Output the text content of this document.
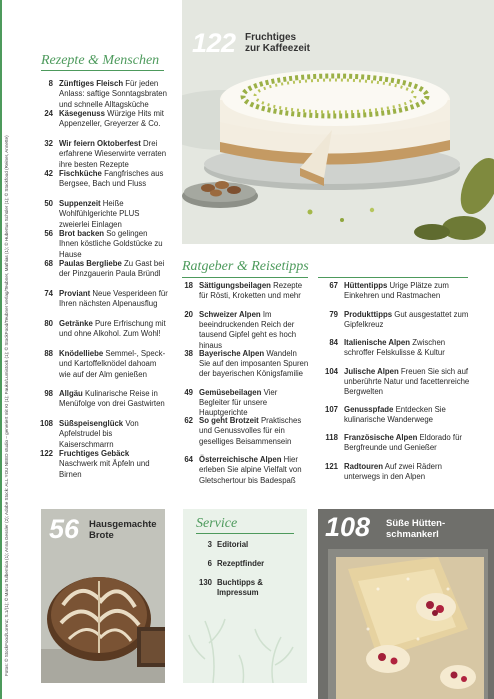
122 Fruchtiges
zur Kaffeezeit
Rezepte & Menschen
8 Zünftiges Fleisch Für jeden Anlass: saftige Sonntagsbraten und schnelle Alltagsküche
24 Käsegenuss Würzige Hits mit Appenzeller, Greyerzer & Co.
32 Wir feiern Oktoberfest Drei erfahrene Wieserwirte verraten ihre besten Rezepte
42 Fischküche Fangfrisches aus Bergsee, Bach und Fluss
50 Suppenzeit Heiße Wohlfühlgerichte PLUS zweierlei Einlagen
56 Brot backen So gelingen Ihnen köstliche Goldstücke zu Hause
68 Paulas Bergliebe Zu Gast bei der Pinzgauerin Paula Bründl
74 Proviant Neue Vesperideen für Ihren nächsten Alpenausflug
80 Getränke Pure Erfrischung mit und ohne Alkohol. Zum Wohl!
88 Knödelliebe Semmel-, Speck- und Kartoffelknödel dahoam wie auf der Alm genießen
98 Allgäu Kulinarische Reise in Menüfolge von drei Gastwirten
108 Süßspeisenglück Von Apfelstrudel bis Kaiserschmarrn
122 Fruchtiges Gebäck Naschwerk mit Äpfeln und Birnen
Ratgeber & Reisetipps
18 Sättigungsbeilagen Rezepte für Rösti, Kroketten und mehr
20 Schweizer Alpen Im beeindruckenden Reich der tausend Gipfel geht es hoch hinaus
38 Bayerische Alpen Wandeln Sie auf den imposanten Spuren der bayerischen Königsfamilie
49 Gemüsebeilagen Vier Begleiter für unsere Hauptgerichte
62 So geht Brotzeit Praktisches und Genussvolles für ein geselliges Beisammensein
64 Österreichische Alpen Hier erleben Sie alpine Vielfalt von Gletschertour bis Badespaß
67 Hüttentipps Urige Plätze zum Einkehren und Rastmachen
79 Produkttipps Gut ausgestattet zum Gipfelkreuz
84 Italienische Alpen Zwischen schroffer Felskulisse & Kultur
104 Julische Alpen Freuen Sie sich auf unberührte Natur und facettenreiche Bergwelten
107 Genusspfade Entdecken Sie kulinarische Wanderwege
118 Französische Alpen Eldorado für Bergfreunde und Genießer
121 Radtouren Auf zwei Rädern unterwegs in den Alpen
56 Hausgemachte
Brote
Service
3 Editorial
6 Rezeptfinder
130 Buchtipps & Impressum
108 Süße Hütten-
schmankerl
Fotos: © StockFood/Lorenz; S.1/(1); © Marco Tulbernica (1); Anna Gessler (2); Adobe Stock: ALL YOU NEED studio – generiert mit KI (1); Fauks/Lumistock (1); © StockFood/Teubner Verlag/Teubner, Mathias (1); © Hubertus Schüler (1); © Stockfood (Reiner, Annette)
